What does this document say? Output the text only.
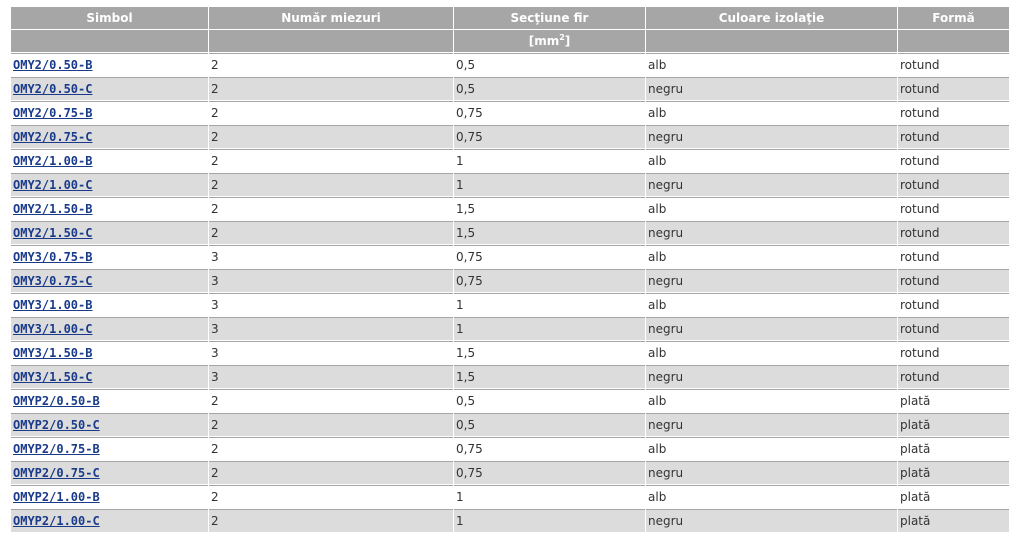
Simbol	Număr miezuri	Secţiune fir	Culoare izolaţie	Formă
		$[mm^2]$		
OMY2/0.50-B	2	0,5	alb	rotund
OMY2/0.50-C	2	0,5	negru	rotund
OMY2/0.75-B	2	0,75	alb	rotund
OMY2/0.75-C	2	0,75	negru	rotund
OMY2/1.00-B	2	1	alb	rotund
OMY2/1.00-C	2	1	negru	rotund
OMY2/1.50-B	2	1,5	alb	rotund
OMY2/1.50-C	2	1,5	negru	rotund
OMY3/0.75-B	3	0,75	alb	rotund
OMY3/0.75-C	3	0,75	negru	rotund
OMY3/1.00-B	3	1	alb	rotund
OMY3/1.00-C	3	1	negru	rotund
OMY3/1.50-B	3	1,5	alb	rotund
OMY3/1.50-C	3	1,5	negru	rotund
OMYP2/0.50-B	2	0,5	alb	plată
OMYP2/0.50-C	2	0,5	negru	plată
OMYP2/0.75-B	2	0,75	alb	plată
OMYP2/0.75-C	2	0,75	negru	plată
OMYP2/1.00-B	2	1	alb	plată
OMYP2/1.00-C	2	1	negru	plată
